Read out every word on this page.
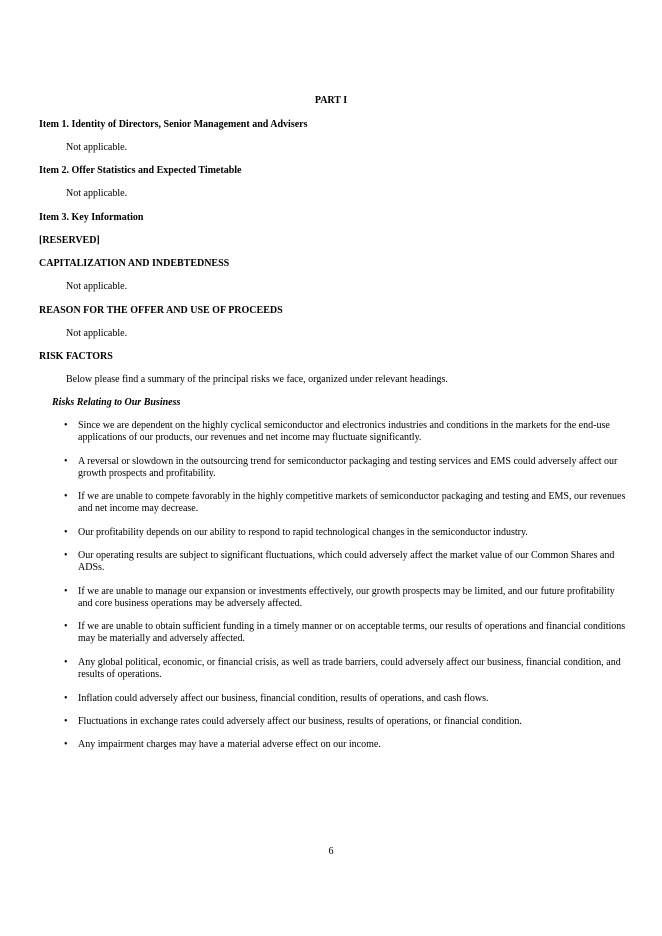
PART I

Item 1. Identity of Directors, Senior Management and Advisers

Not applicable.

Item 2. Offer Statistics and Expected Timetable

Not applicable.

Item 3. Key Information

[RESERVED]

CAPITALIZATION AND INDEBTEDNESS

Not applicable.

REASON FOR THE OFFER AND USE OF PROCEEDS

Not applicable.

RISK FACTORS

Below please find a summary of the principal risks we face, organized under relevant headings.

Risks Relating to Our Business

•	Since we are dependent on the highly cyclical semiconductor and electronics industries and conditions in the markets for the end-use applications of our products, our revenues and net income may fluctuate significantly.
•	A reversal or slowdown in the outsourcing trend for semiconductor packaging and testing services and EMS could adversely affect our growth prospects and profitability.
•	If we are unable to compete favorably in the highly competitive markets of semiconductor packaging and testing and EMS, our revenues and net income may decrease.
•	Our profitability depends on our ability to respond to rapid technological changes in the semiconductor industry.
•	Our operating results are subject to significant fluctuations, which could adversely affect the market value of our Common Shares and ADSs.
•	If we are unable to manage our expansion or investments effectively, our growth prospects may be limited, and our future profitability and core business operations may be adversely affected.
•	If we are unable to obtain sufficient funding in a timely manner or on acceptable terms, our results of operations and financial conditions may be materially and adversely affected.
•	Any global political, economic, or financial crisis, as well as trade barriers, could adversely affect our business, financial condition, and results of operations.
•	Inflation could adversely affect our business, financial condition, results of operations, and cash flows.
•	Fluctuations in exchange rates could adversely affect our business, results of operations, or financial condition.
•	Any impairment charges may have a material adverse effect on our income.

6
